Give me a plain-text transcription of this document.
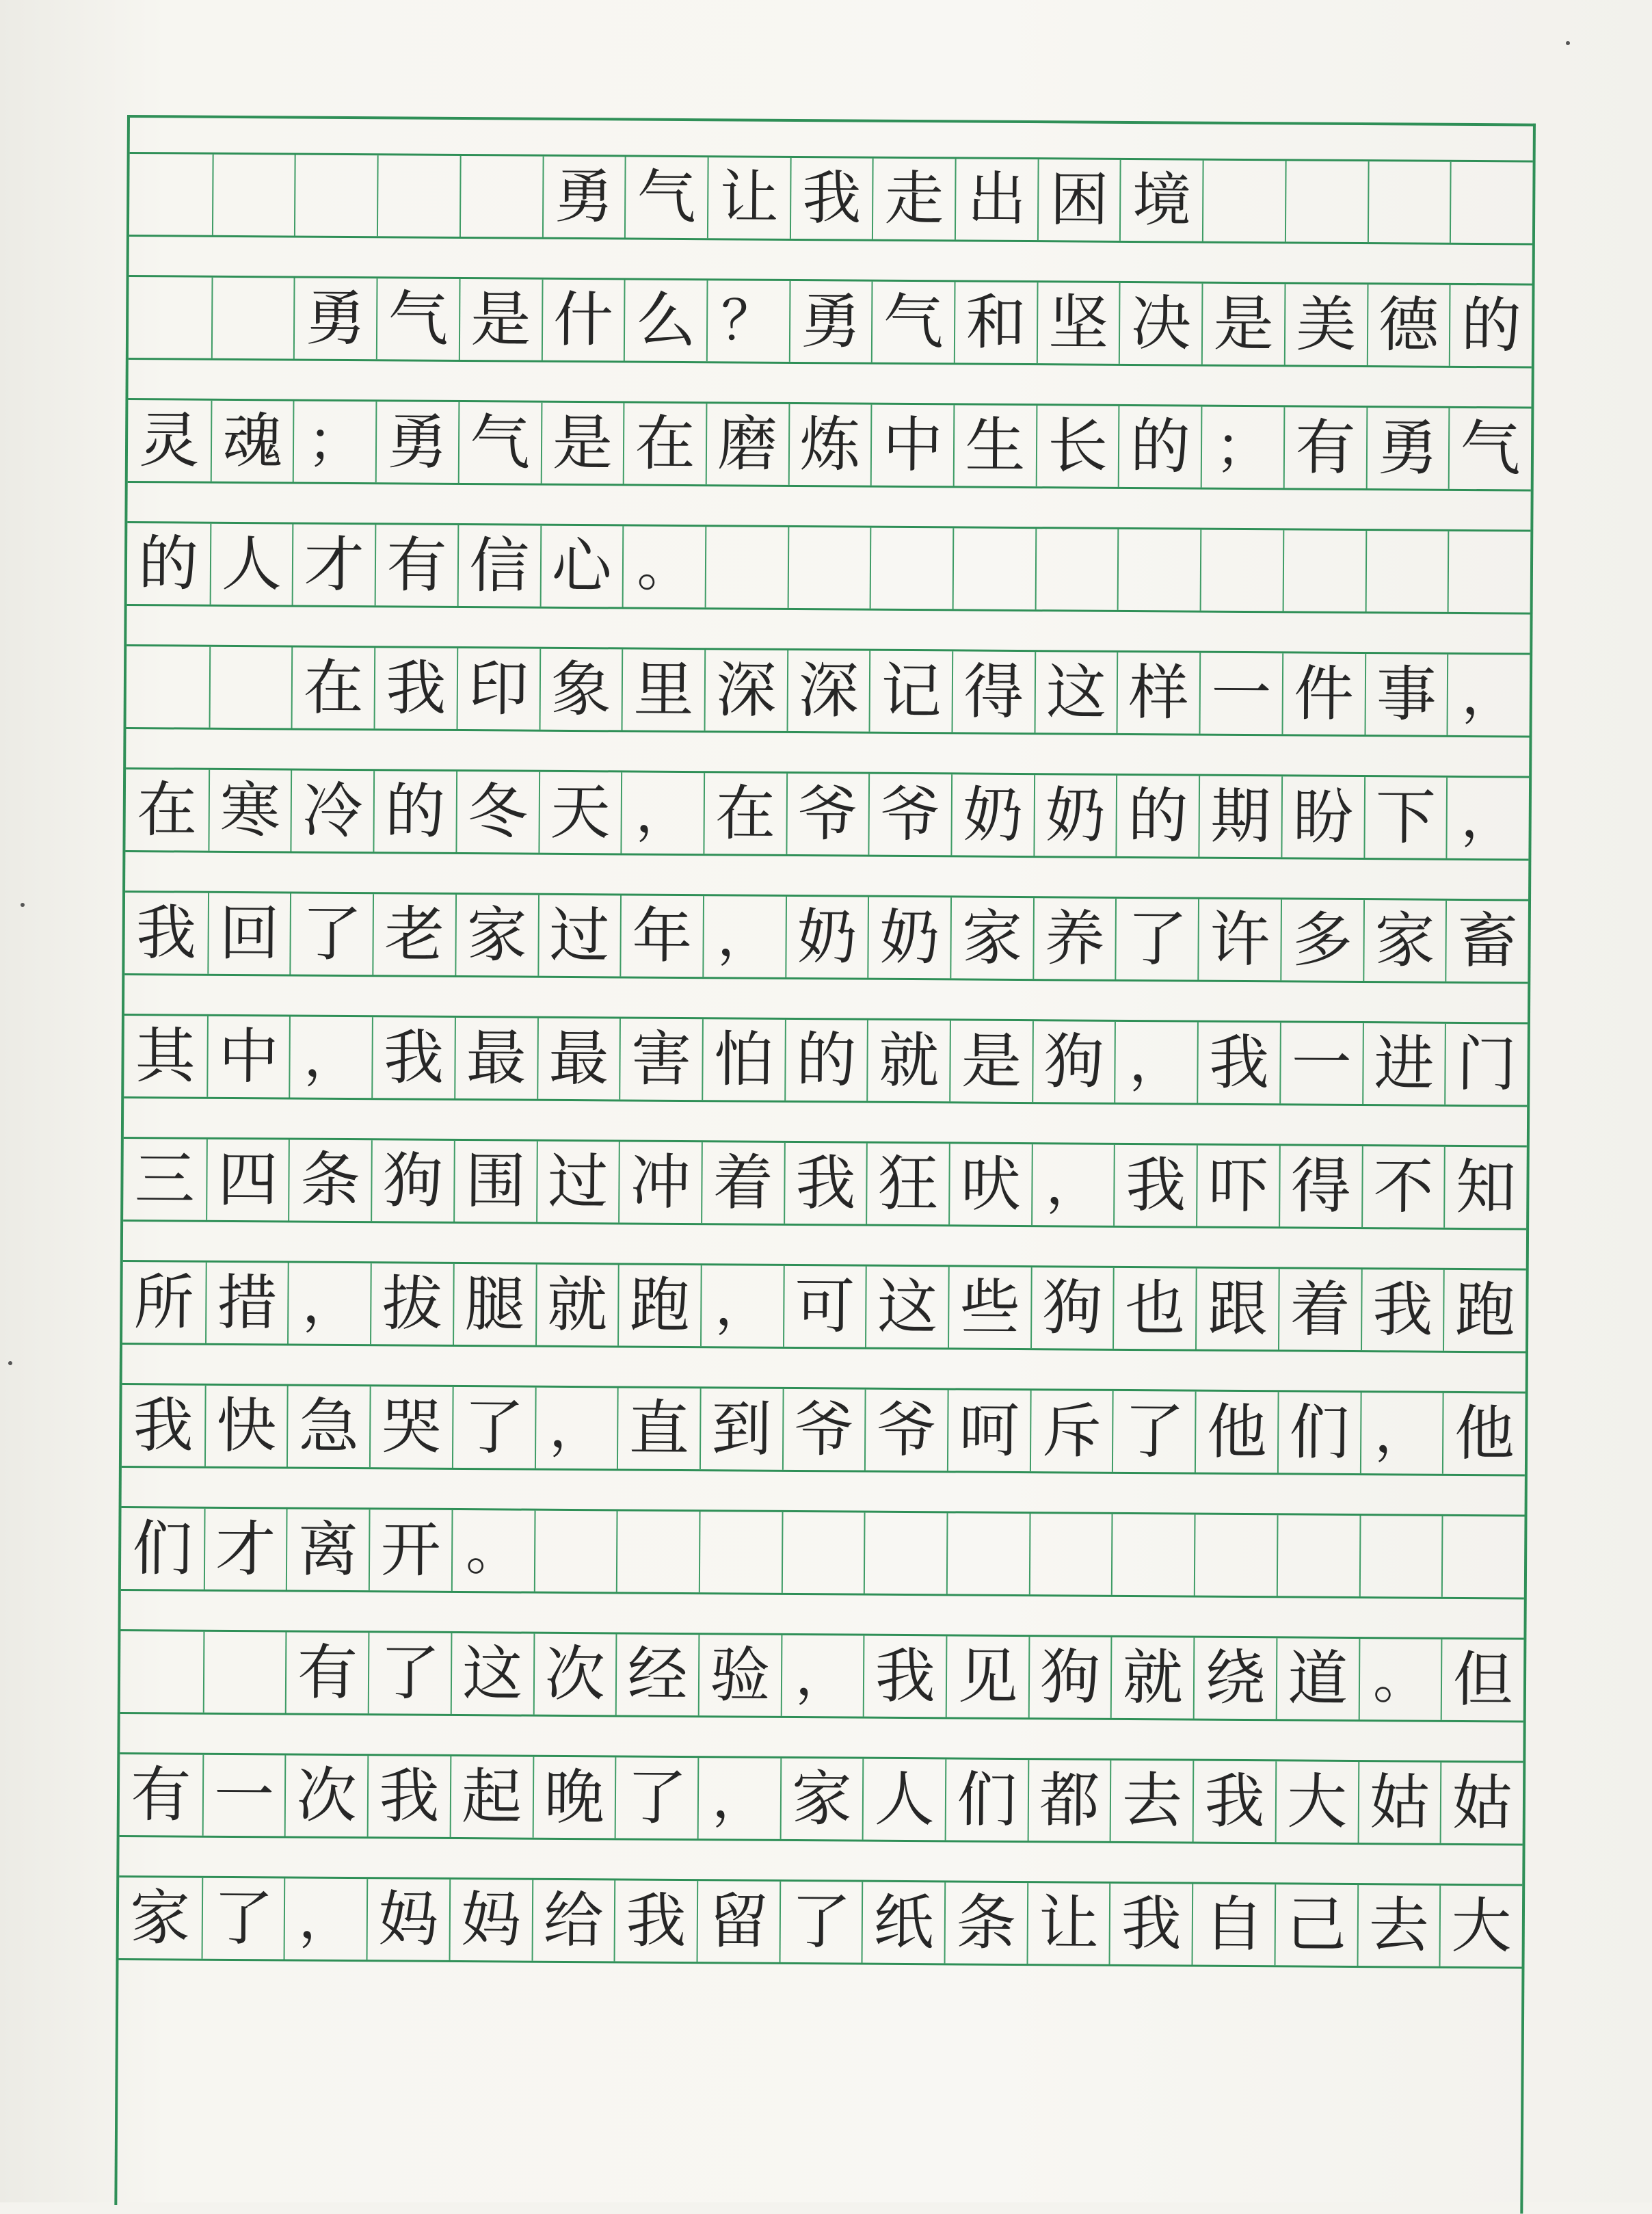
勇 气 让 我 走 出 困 境
勇 气 是 什 么 ？ 勇 气 和 坚 决 是 美 德 的
灵 魂 ； 勇 气 是 在 磨 炼 中 生 长 的 ； 有 勇 气
的 人 才 有 信 心 。
在 我 印 象 里 深 深 记 得 这 样 一 件 事 ，
在 寒 冷 的 冬 天 ， 在 爷 爷 奶 奶 的 期 盼 下 ，
我 回 了 老 家 过 年 ， 奶 奶 家 养 了 许 多 家 畜
其 中 ， 我 最 最 害 怕 的 就 是 狗 ， 我 一 进 门
三 四 条 狗 围 过 冲 着 我 狂 吠 ， 我 吓 得 不 知
所 措 ， 拔 腿 就 跑 ， 可 这 些 狗 也 跟 着 我 跑
我 快 急 哭 了 ， 直 到 爷 爷 呵 斥 了 他 们 ， 他
们 才 离 开 。
有 了 这 次 经 验 ， 我 见 狗 就 绕 道 。 但
有 一 次 我 起 晚 了 ， 家 人 们 都 去 我 大 姑 姑
家 了 ， 妈 妈 给 我 留 了 纸 条 让 我 自 己 去 大
